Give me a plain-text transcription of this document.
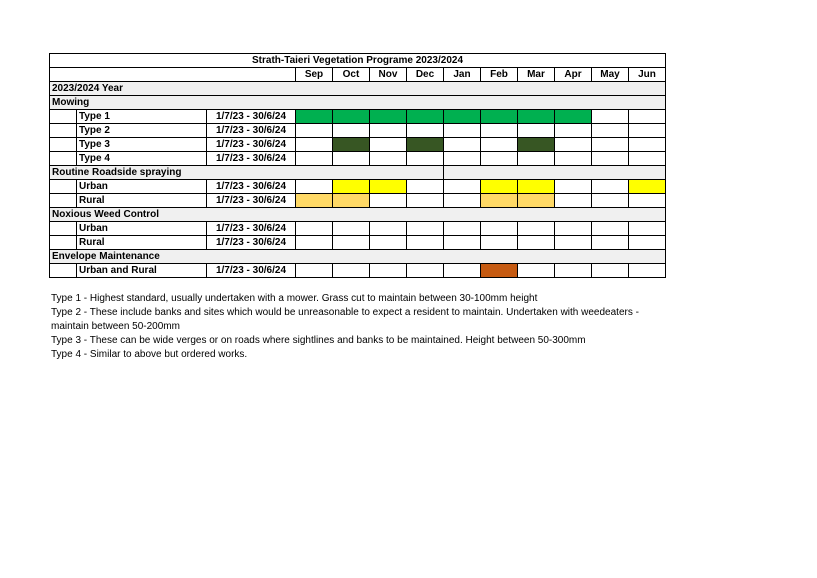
Strath-Taieri Vegetation Programe 2023/2024												
			Sep	Oct	Nov	Dec	Jan	Feb	Mar	Apr	May	Jun
2023/2024 Year												
Mowing												
	Type 1	1/7/23 - 30/6/24										
	Type 2	1/7/23 - 30/6/24										
	Type 3	1/7/23 - 30/6/24										
	Type 4	1/7/23 - 30/6/24										
Routine Roadside spraying												
	Urban	1/7/23 - 30/6/24										
	Rural	1/7/23 - 30/6/24										
Noxious Weed Control												
	Urban	1/7/23 - 30/6/24										
	Rural	1/7/23 - 30/6/24										
Envelope Maintenance												
	Urban and Rural	1/7/23 - 30/6/24										

Type 1 - Highest standard, usually undertaken with a mower. Grass cut to maintain between 30-100mm height

Type 2 - These include banks and sites which would be unreasonable to expect a resident to maintain. Undertaken with weedeaters - maintain between 50-200mm

Type 3 - These can be wide verges or on roads where sightlines and banks to be maintained. Height between 50-300mm

Type 4 - Similar to above but ordered works.
